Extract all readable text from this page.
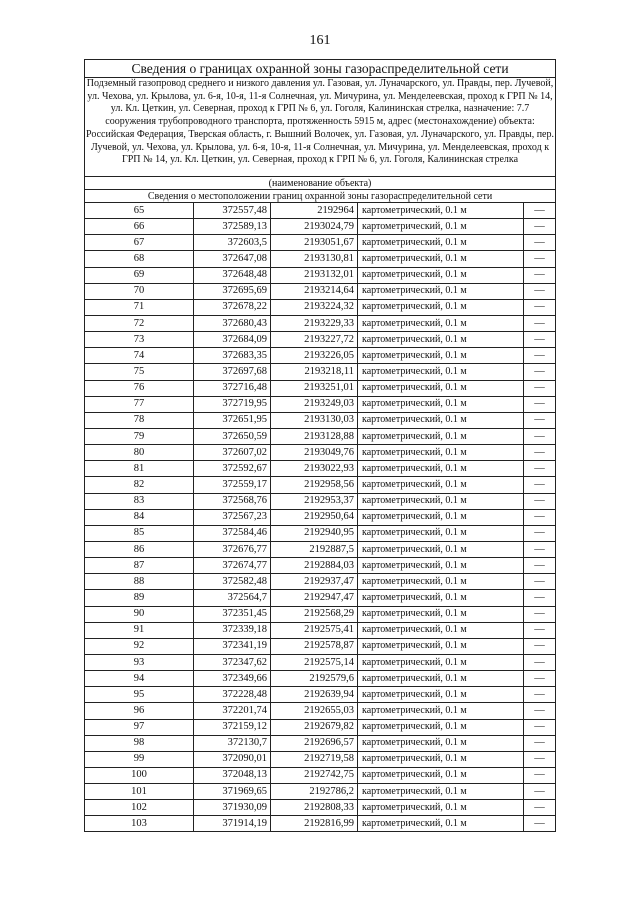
161
Сведения о границах охранной зоны газораспределительной сети				
Подземный газопровод среднего и низкого давления ул. Газовая, ул. Луначарского, ул. Правды, пер. Лучевой, ул. Чехова, ул. Крылова, ул. 6-я, 10-я, 11-я Солнечная, ул. Мичурина, ул. Менделеевская, проход к ГРП № 14, ул. Кл. Цеткин, ул. Северная, проход к ГРП № 6, ул. Гоголя, Калининская стрелка, назначение: 7.7 сооружения трубопроводного транспорта, протяженность 5915 м, адрес (местонахождение) объекта: Российская Федерация, Тверская область, г. Вышний Волочек, ул. Газовая, ул. Луначарского, ул. Правды, пер. Лучевой, ул. Чехова, ул. Крылова, ул. 6-я, 10-я, 11-я Солнечная, ул. Мичурина, ул. Менделеевская, проход к ГРП № 14, ул. Кл. Цеткин, ул. Северная, проход к ГРП № 6, ул. Гоголя, Калининская стрелка				
(наименование объекта)				
Сведения о местоположении границ охранной зоны газораспределительной сети				
65	372557,48	2192964	картометрический, 0.1 м	—
66	372589,13	2193024,79	картометрический, 0.1 м	—
67	372603,5	2193051,67	картометрический, 0.1 м	—
68	372647,08	2193130,81	картометрический, 0.1 м	—
69	372648,48	2193132,01	картометрический, 0.1 м	—
70	372695,69	2193214,64	картометрический, 0.1 м	—
71	372678,22	2193224,32	картометрический, 0.1 м	—
72	372680,43	2193229,33	картометрический, 0.1 м	—
73	372684,09	2193227,72	картометрический, 0.1 м	—
74	372683,35	2193226,05	картометрический, 0.1 м	—
75	372697,68	2193218,11	картометрический, 0.1 м	—
76	372716,48	2193251,01	картометрический, 0.1 м	—
77	372719,95	2193249,03	картометрический, 0.1 м	—
78	372651,95	2193130,03	картометрический, 0.1 м	—
79	372650,59	2193128,88	картометрический, 0.1 м	—
80	372607,02	2193049,76	картометрический, 0.1 м	—
81	372592,67	2193022,93	картометрический, 0.1 м	—
82	372559,17	2192958,56	картометрический, 0.1 м	—
83	372568,76	2192953,37	картометрический, 0.1 м	—
84	372567,23	2192950,64	картометрический, 0.1 м	—
85	372584,46	2192940,95	картометрический, 0.1 м	—
86	372676,77	2192887,5	картометрический, 0.1 м	—
87	372674,77	2192884,03	картометрический, 0.1 м	—
88	372582,48	2192937,47	картометрический, 0.1 м	—
89	372564,7	2192947,47	картометрический, 0.1 м	—
90	372351,45	2192568,29	картометрический, 0.1 м	—
91	372339,18	2192575,41	картометрический, 0.1 м	—
92	372341,19	2192578,87	картометрический, 0.1 м	—
93	372347,62	2192575,14	картометрический, 0.1 м	—
94	372349,66	2192579,6	картометрический, 0.1 м	—
95	372228,48	2192639,94	картометрический, 0.1 м	—
96	372201,74	2192655,03	картометрический, 0.1 м	—
97	372159,12	2192679,82	картометрический, 0.1 м	—
98	372130,7	2192696,57	картометрический, 0.1 м	—
99	372090,01	2192719,58	картометрический, 0.1 м	—
100	372048,13	2192742,75	картометрический, 0.1 м	—
101	371969,65	2192786,2	картометрический, 0.1 м	—
102	371930,09	2192808,33	картометрический, 0.1 м	—
103	371914,19	2192816,99	картометрический, 0.1 м	—
